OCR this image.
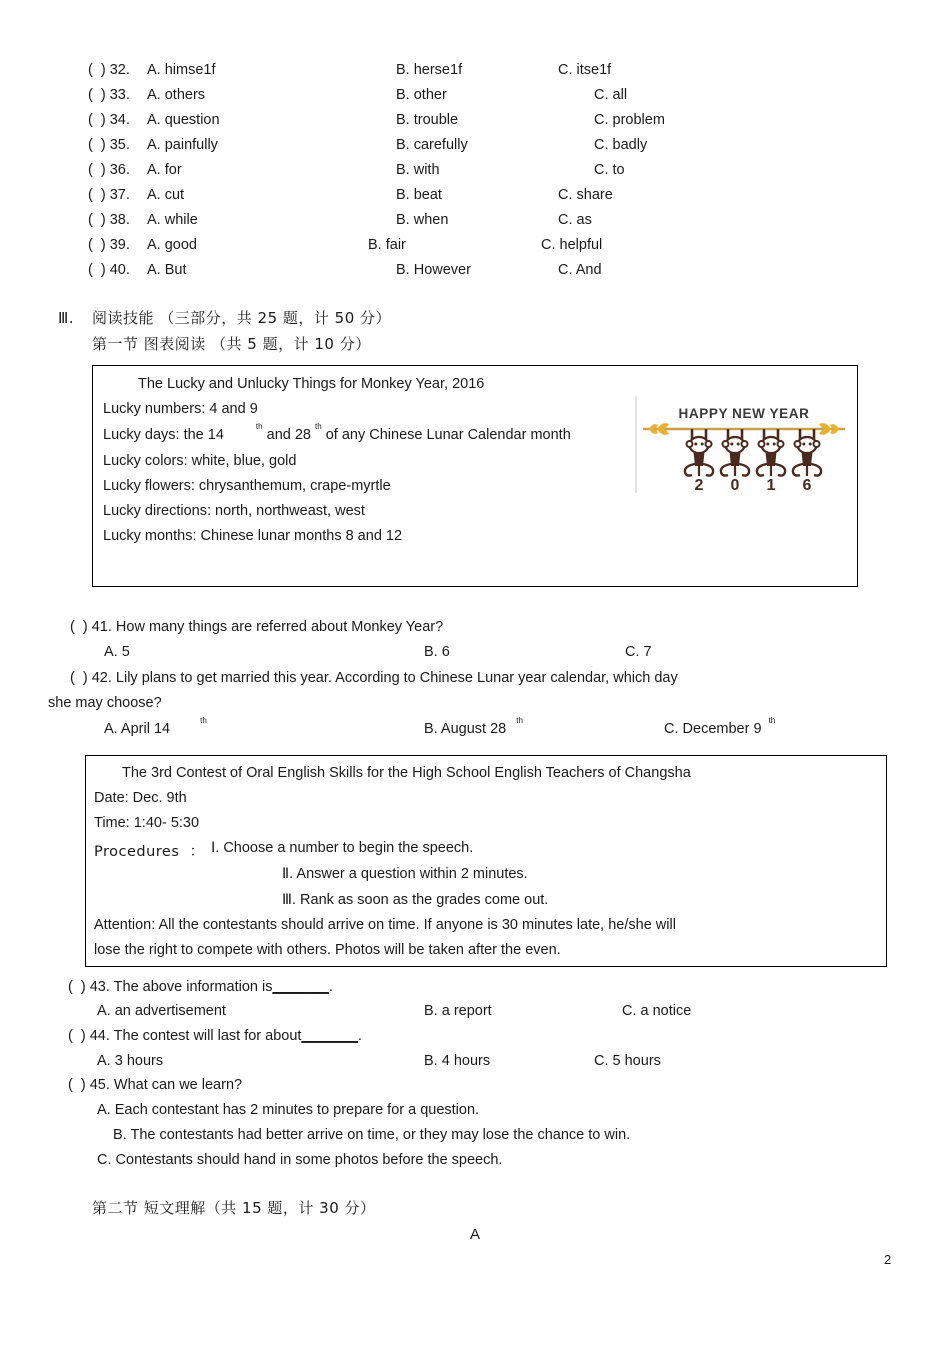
(  ) 32. A. himse1f	B. herse1f	C. itse1f
(  ) 33. A. others	B. other	C. all
(  ) 34. A. question	B. trouble	C. problem
(  ) 35. A. painfully	B. carefully	C. badly
(  ) 36. A. for	B. with	C. to
(  ) 37. A. cut	B. beat	C. share
(  ) 38. A. while	B. when	C. as
(  ) 39. A. good	B. fair	C. helpful
(  ) 40. A. But	B. However	C. And
Ⅲ. 阅读技能 （三部分，共 25 题，计 50 分）
第一节 图表阅读 （共 5 题，计 10 分）
The Lucky and Unlucky Things for Monkey Year, 2016
Lucky numbers: 4 and 9
Lucky days: the 14th and 28 $^{th}$ of any Chinese Lunar Calendar month
Lucky colors: white, blue, gold
Lucky flowers: chrysanthemum, crape-myrtle
Lucky directions: north, northweast, west
Lucky months: Chinese lunar months 8 and 12
HAPPY NEW YEAR
2 0 1 6
(  ) 41. How many things are referred about Monkey Year?
A. 5	B. 6	C. 7
(  ) 42. Lily plans to get married this year. According to Chinese Lunar year calendar, which day
she may choose?
A. April 14th
B. August 28th
C. December 9th
The 3rd Contest of Oral English Skills for the High School English Teachers of Changsha
Date: Dec. 9th
Time: 1:40- 5:30
Procedures  ： Ⅰ. Choose a number to begin the speech.
Ⅱ. Answer a question within 2 minutes.
Ⅲ. Rank as soon as the grades come out.
Attention: All the contestants should arrive on time. If anyone is 30 minutes late, he/she will
lose the right to compete with others. Photos will be taken after the even.
(  ) 43. The above information is_______.
A. an advertisement	B. a report	C. a notice
(  ) 44. The contest will last for about_______.
A. 3 hours	B. 4 hours	C. 5 hours
(  ) 45. What can we learn?
A. Each contestant has 2 minutes to prepare for a question.
B. The contestants had better arrive on time, or they may lose the chance to win.
C. Contestants should hand in some photos before the speech.
第二节 短文理解（共 15 题，计 30 分）
A
2
